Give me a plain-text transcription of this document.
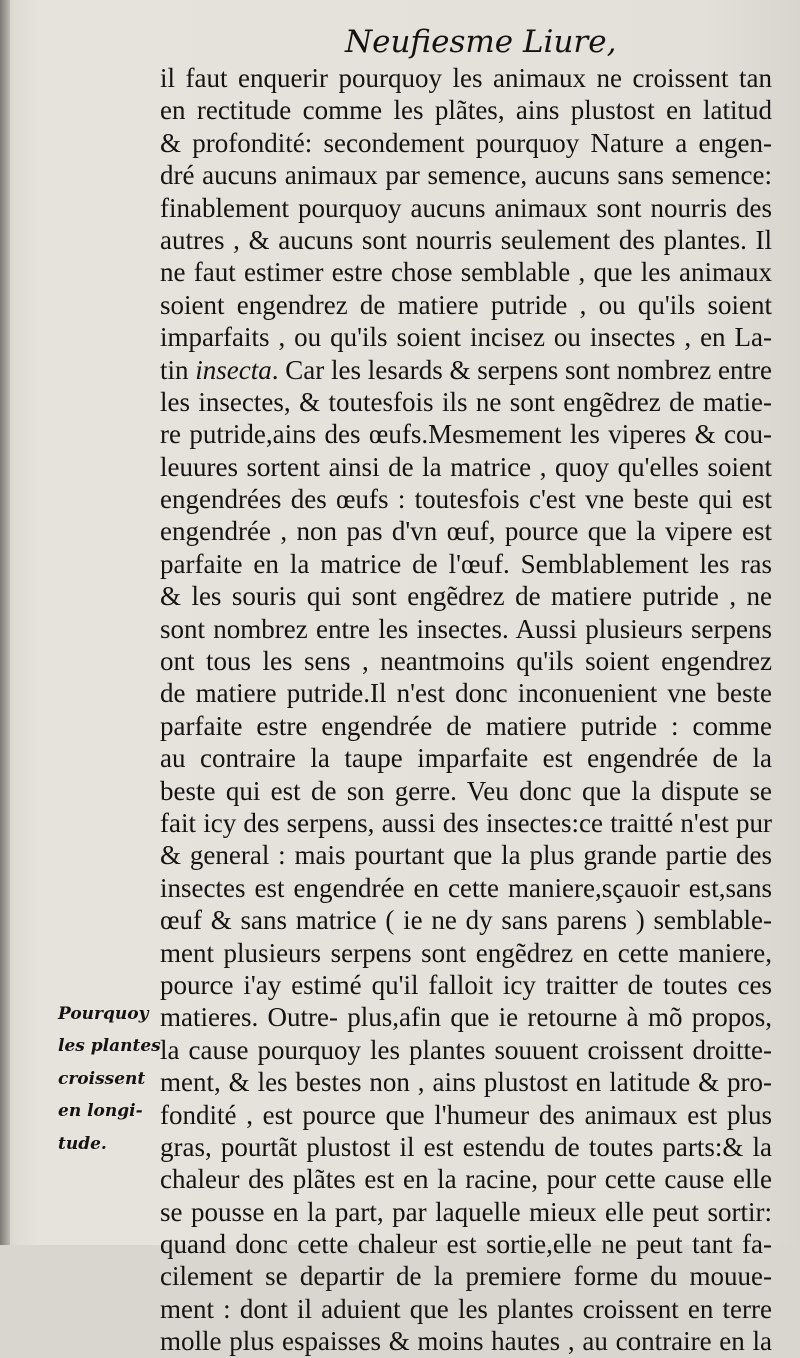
Neufiesme Liure,
il faut enquerir pourquoy les animaux ne croissent tan
en rectitude comme les plãtes, ains plustost en latitud
& profondité: secondement pourquoy Nature a engen-
dré aucuns animaux par semence, aucuns sans semence:
finablement pourquoy aucuns animaux sont nourris des
autres , & aucuns sont nourris seulement des plantes. Il
ne faut estimer estre chose semblable , que les animaux
soient engendrez de matiere putride , ou qu'ils soient
imparfaits , ou qu'ils soient incisez ou insectes , en La-
tin insecta. Car les lesards & serpens sont nombrez entre
les insectes, & toutesfois ils ne sont engẽdrez de matie-
re putride,ains des œufs.Mesmement les viperes & cou-
leuures sortent ainsi de la matrice , quoy qu'elles soient
engendrées des œufs : toutesfois c'est vne beste qui est
engendrée , non pas d'vn œuf, pource que la vipere est
parfaite en la matrice de l'œuf. Semblablement les ras
& les souris qui sont engẽdrez de matiere putride , ne
sont nombrez entre les insectes. Aussi plusieurs serpens
ont tous les sens , neantmoins qu'ils soient engendrez
de matiere putride.Il n'est donc inconuenient vne beste
parfaite estre engendrée de matiere putride : comme
au contraire la taupe imparfaite est engendrée de la
beste qui est de son gerre. Veu donc que la dispute se
fait icy des serpens, aussi des insectes:ce traitté n'est pur
& general : mais pourtant que la plus grande partie des
insectes est engendrée en cette maniere,sçauoir est,sans
œuf & sans matrice ( ie ne dy sans parens ) semblable-
ment plusieurs serpens sont engẽdrez en cette maniere,
pource i'ay estimé qu'il falloit icy traitter de toutes ces
matieres. Outre- plus,afin que ie retourne à mõ propos,
la cause pourquoy les plantes souuent croissent droitte-
ment, & les bestes non , ains plustost en latitude & pro-
fondité , est pource que l'humeur des animaux est plus
gras, pourtãt plustost il est estendu de toutes parts:& la
chaleur des plãtes est en la racine, pour cette cause elle
se pousse en la part, par laquelle mieux elle peut sortir:
quand donc cette chaleur est sortie,elle ne peut tant fa-
cilement se departir de la premiere forme du mouue-
ment : dont il aduient que les plantes croissent en terre
molle plus espaisses & moins hautes , au contraire en la
Pourquoy
les plantes
croissent
en longi-
tude.
